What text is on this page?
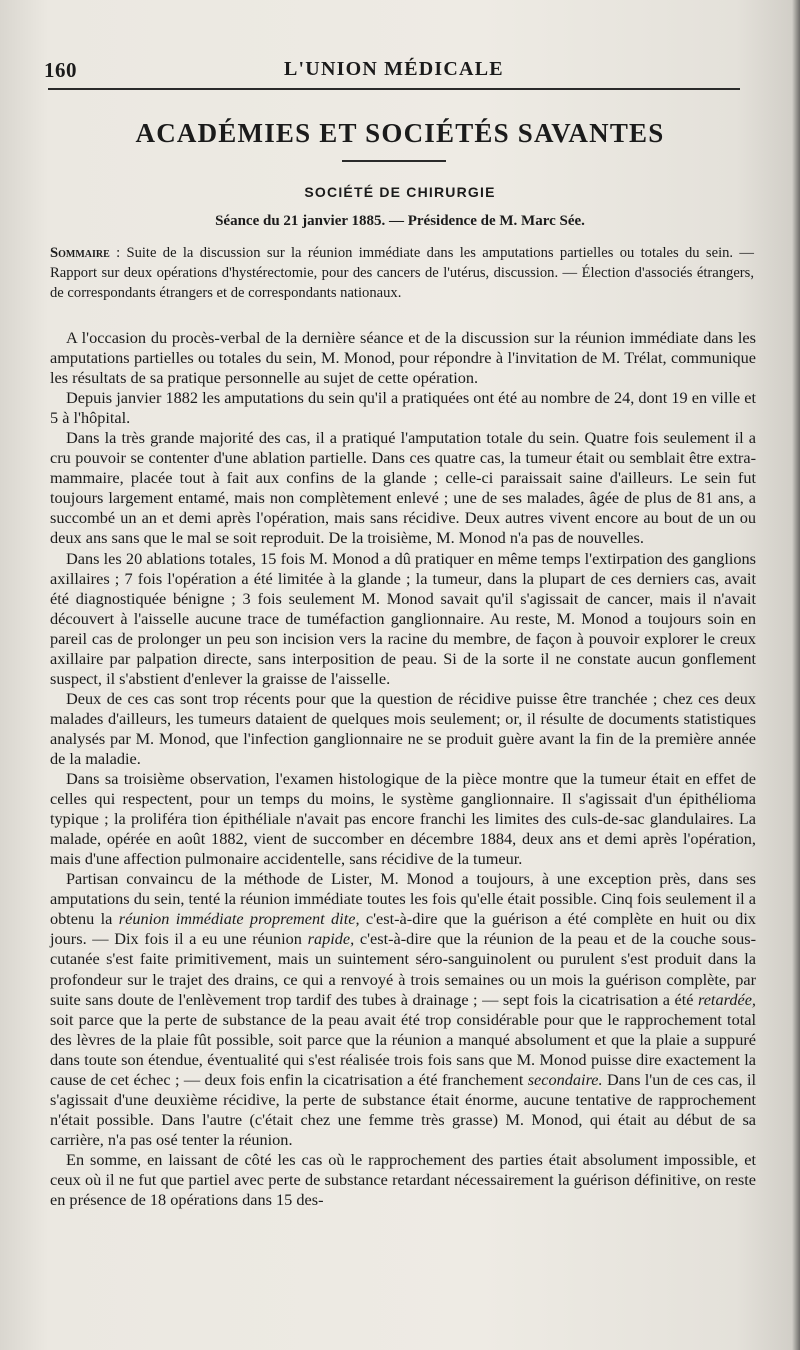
160	L'UNION MÉDICALE
ACADÉMIES ET SOCIÉTÉS SAVANTES
SOCIÉTÉ DE CHIRURGIE
Séance du 21 janvier 1885. — Présidence de M. Marc Sée.
Sommaire : Suite de la discussion sur la réunion immédiate dans les amputations partielles ou totales du sein. — Rapport sur deux opérations d'hystérectomie, pour des cancers de l'utérus, discussion. — Élection d'associés étrangers, de correspondants étrangers et de correspondants nationaux.

A l'occasion du procès-verbal de la dernière séance et de la discussion sur la réunion immédiate dans les amputations partielles ou totales du sein, M. Monod, pour répondre à l'invitation de M. Trélat, communique les résultats de sa pratique personnelle au sujet de cette opération.

Depuis janvier 1882 les amputations du sein qu'il a pratiquées ont été au nombre de 24, dont 19 en ville et 5 à l'hôpital.

Dans la très grande majorité des cas, il a pratiqué l'amputation totale du sein. Quatre fois seulement il a cru pouvoir se contenter d'une ablation partielle. Dans ces quatre cas, la tumeur était ou semblait être extra-mammaire, placée tout à fait aux confins de la glande ; celle-ci paraissait saine d'ailleurs. Le sein fut toujours largement entamé, mais non complètement enlevé ; une de ses malades, âgée de plus de 81 ans, a succombé un an et demi après l'opération, mais sans récidive. Deux autres vivent encore au bout de un ou deux ans sans que le mal se soit reproduit. De la troisième, M. Monod n'a pas de nouvelles.

Dans les 20 ablations totales, 15 fois M. Monod a dû pratiquer en même temps l'extirpation des ganglions axillaires ; 7 fois l'opération a été limitée à la glande ; la tumeur, dans la plupart de ces derniers cas, avait été diagnostiquée bénigne ; 3 fois seulement M. Monod savait qu'il s'agissait de cancer, mais il n'avait découvert à l'aisselle aucune trace de tuméfaction ganglionnaire. Au reste, M. Monod a toujours soin en pareil cas de prolonger un peu son incision vers la racine du membre, de façon à pouvoir explorer le creux axillaire par palpation directe, sans interposition de peau. Si de la sorte il ne constate aucun gonflement suspect, il s'abstient d'enlever la graisse de l'aisselle.

Deux de ces cas sont trop récents pour que la question de récidive puisse être tranchée ; chez ces deux malades d'ailleurs, les tumeurs dataient de quelques mois seulement; or, il résulte de documents statistiques analysés par M. Monod, que l'infection ganglionnaire ne se produit guère avant la fin de la première année de la maladie.

Dans sa troisième observation, l'examen histologique de la pièce montre que la tumeur était en effet de celles qui respectent, pour un temps du moins, le système ganglionnaire. Il s'agissait d'un épithélioma typique ; la proliféra tion épithéliale n'avait pas encore franchi les limites des culs-de-sac glandulaires. La malade, opérée en août 1882, vient de succomber en décembre 1884, deux ans et demi après l'opération, mais d'une affection pulmonaire accidentelle, sans récidive de la tumeur.

Partisan convaincu de la méthode de Lister, M. Monod a toujours, à une exception près, dans ses amputations du sein, tenté la réunion immédiate toutes les fois qu'elle était possible. Cinq fois seulement il a obtenu la réunion immédiate proprement dite, c'est-à-dire que la guérison a été complète en huit ou dix jours. — Dix fois il a eu une réunion rapide, c'est-à-dire que la réunion de la peau et de la couche sous-cutanée s'est faite primitivement, mais un suintement séro-sanguinolent ou purulent s'est produit dans la profondeur sur le trajet des drains, ce qui a renvoyé à trois semaines ou un mois la guérison complète, par suite sans doute de l'enlèvement trop tardif des tubes à drainage ; — sept fois la cicatrisation a été retardée, soit parce que la perte de substance de la peau avait été trop considérable pour que le rapprochement total des lèvres de la plaie fût possible, soit parce que la réunion a manqué absolument et que la plaie a suppuré dans toute son étendue, éventualité qui s'est réalisée trois fois sans que M. Monod puisse dire exactement la cause de cet échec ; — deux fois enfin la cicatrisation a été franchement secondaire. Dans l'un de ces cas, il s'agissait d'une deuxième récidive, la perte de substance était énorme, aucune tentative de rapprochement n'était possible. Dans l'autre (c'était chez une femme très grasse) M. Monod, qui était au début de sa carrière, n'a pas osé tenter la réunion.

En somme, en laissant de côté les cas où le rapprochement des parties était absolument impossible, et ceux où il ne fut que partiel avec perte de substance retardant nécessairement la guérison définitive, on reste en présence de 18 opérations dans 15 des-
